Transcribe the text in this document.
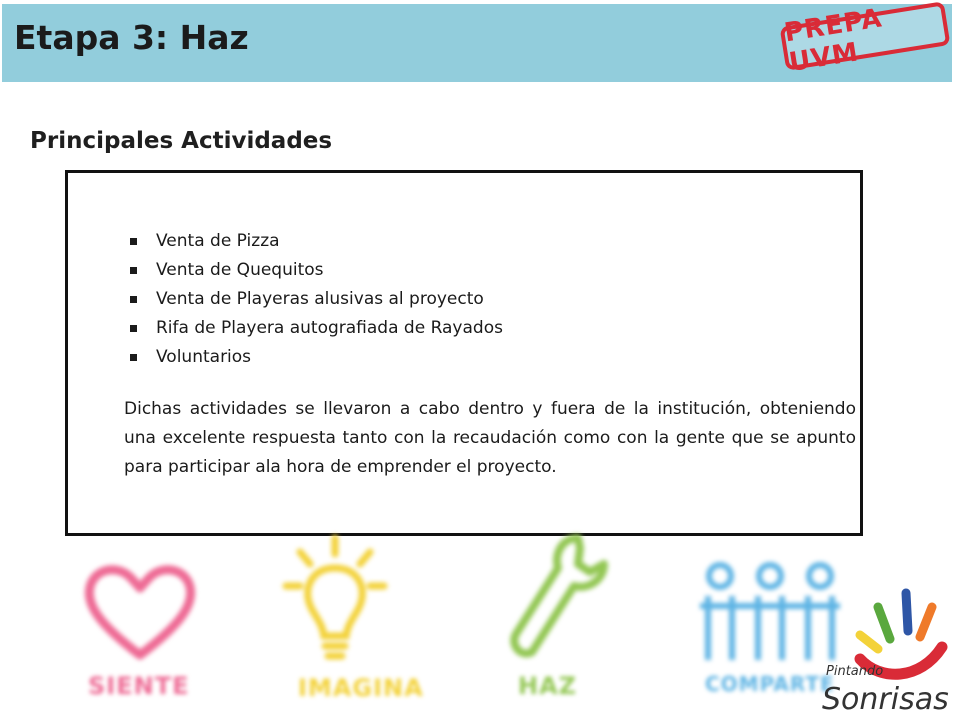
Etapa 3: Haz	PREPA UVM
Principales Actividades
Venta de Pizza
Venta de Quequitos
Venta de Playeras alusivas al proyecto
Rifa de Playera autografiada de Rayados
Voluntarios

Dichas actividades se llevaron a cabo dentro y fuera de la institución, obteniendo una excelente respuesta tanto con la recaudación como con la gente que se apunto para participar ala hora de emprender el proyecto.

SIENTE	IMAGINA	HAZ	COMPARTE
Pintando
Sonrisas
